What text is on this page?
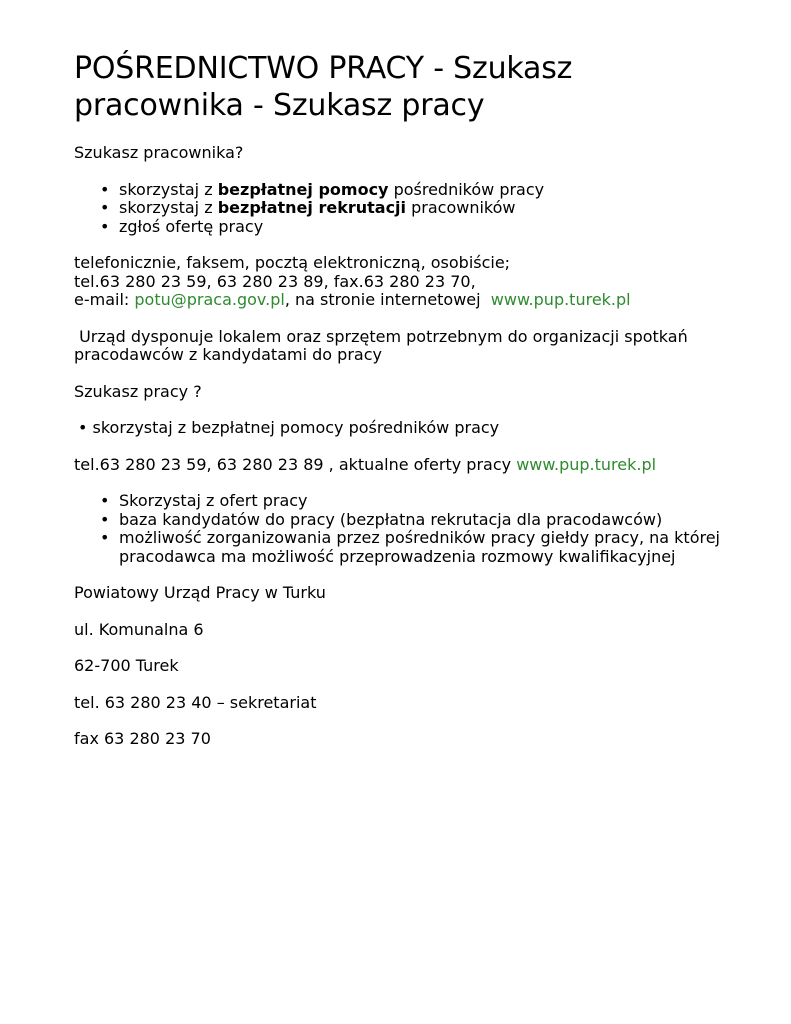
POŚREDNICTWO PRACY - Szukasz pracownika - Szukasz pracy

Szukasz pracownika?

• skorzystaj z bezpłatnej pomocy pośredników pracy
• skorzystaj z bezpłatnej rekrutacji pracowników
• zgłoś ofertę pracy

telefonicznie, faksem, pocztą elektroniczną, osobiście;
tel.63 280 23 59, 63 280 23 89, fax.63 280 23 70,
e-mail: potu@praca.gov.pl, na stronie internetowej  www.pup.turek.pl

Urząd dysponuje lokalem oraz sprzętem potrzebnym do organizacji spotkań pracodawców z kandydatami do pracy

Szukasz pracy ?

• skorzystaj z bezpłatnej pomocy pośredników pracy

tel.63 280 23 59, 63 280 23 89 , aktualne oferty pracy www.pup.turek.pl

• Skorzystaj z ofert pracy
• baza kandydatów do pracy (bezpłatna rekrutacja dla pracodawców)
• możliwość zorganizowania przez pośredników pracy giełdy pracy, na której pracodawca ma możliwość przeprowadzenia rozmowy kwalifikacyjnej

Powiatowy Urząd Pracy w Turku

ul. Komunalna 6

62-700 Turek

tel. 63 280 23 40 – sekretariat

fax 63 280 23 70
